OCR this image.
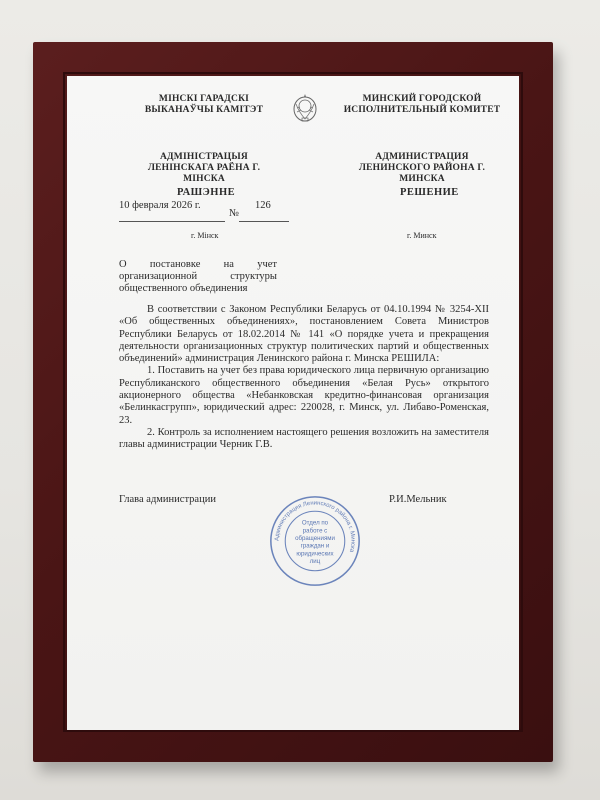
МІНСКІ ГАРАДСКІ
ВЫКАНАЎЧЫ КАМІТЭТ
АДМІНІСТРАЦЫЯ
ЛЕНІНСКАГА РАЁНА Г. МІНСКА
МИНСКИЙ ГОРОДСКОЙ
ИСПОЛНИТЕЛЬНЫЙ КОМИТЕТ
АДМИНИСТРАЦИЯ
ЛЕНИНСКОГО РАЙОНА Г. МИНСКА
РАШЭННЕ	РЕШЕНИЕ
10 февраля 2026 г.
№
126
г. Мінск	г. Минск
О постановке на учет организационной структуры общественного объединения

В соответствии с Законом Республики Беларусь от 04.10.1994 № 3254-XII «Об общественных объединениях», постановлением Совета Министров Республики Беларусь от 18.02.2014 № 141 «О порядке учета и прекращения деятельности организационных структур политических партий и общественных объединений» администрация Ленинского района г. Минска РЕШИЛА:

1. Поставить на учет без права юридического лица первичную организацию Республиканского общественного объединения «Белая Русь» открытого акционерного общества «Небанковская кредитно-финансовая организация «Белинкасгрупп», юридический адрес: 220028, г. Минск, ул. Либаво-Роменская, 23.

2. Контроль за исполнением настоящего решения возложить на заместителя главы администрации Черник Г.В.

Глава администрации	Р.И.Мельник
Администрация Ленинского района г. Минска
Отдел по
работе с
обращениями
граждан и
юридических
лиц
